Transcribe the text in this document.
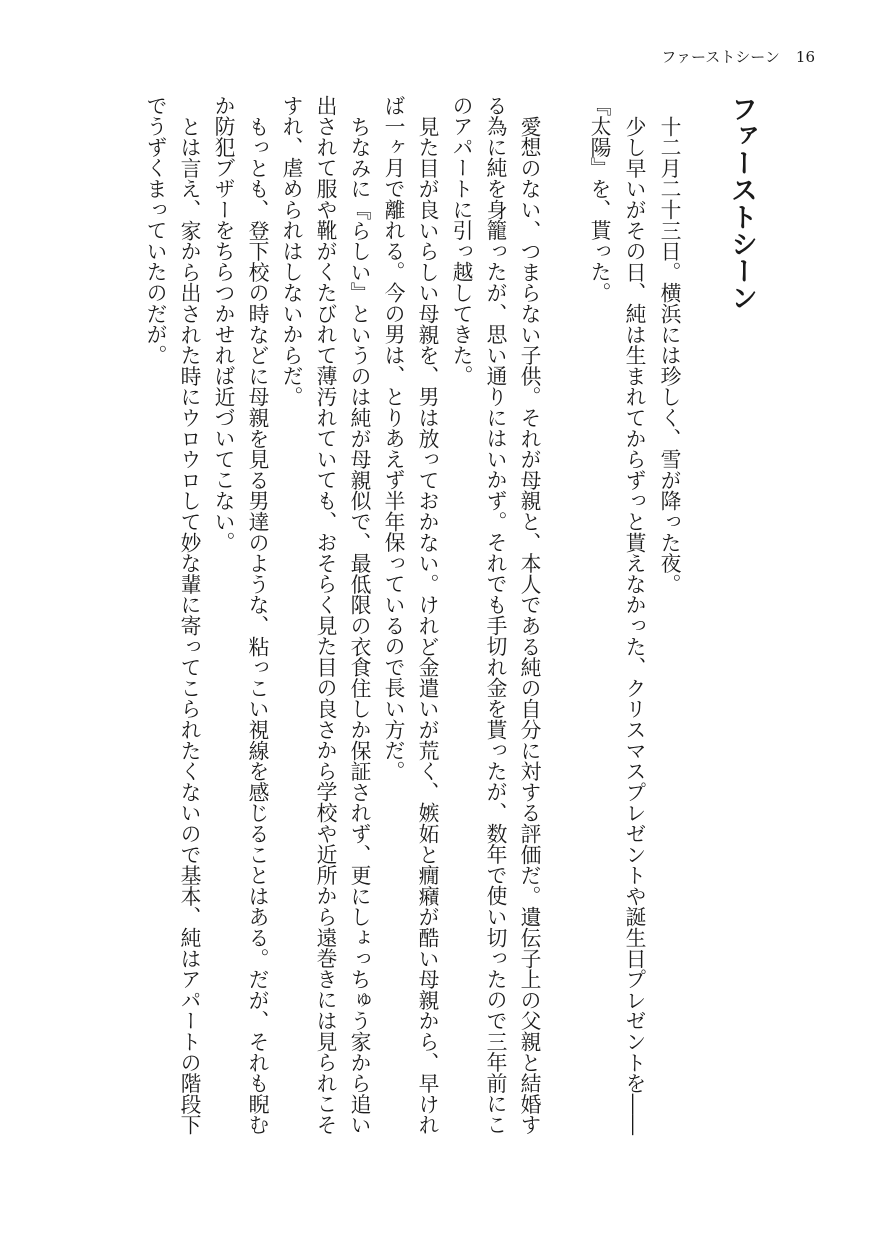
ファーストシーン 16
ファーストシーン
十二月二十三日。横浜には珍しく、雪が降った夜。
少し早いがその日、純は生まれてからずっと貰えなかった、クリスマスプレゼントや誕生日プレゼントを――
『太陽』を、貰った。
愛想のない、つまらない子供。それが母親と、本人である純の自分に対する評価だ。遺伝子上の父親と結婚す
る為に純を身籠ったが、思い通りにはいかず。それでも手切れ金を貰ったが、数年で使い切ったので三年前にこ
のアパートに引っ越してきた。
見た目が良いらしい母親を、男は放っておかない。けれど金遣いが荒く、嫉妬と癇癪が酷い母親から、早けれ
ば一ヶ月で離れる。今の男は、とりあえず半年保っているので長い方だ。
ちなみに『らしい』というのは純が母親似で、最低限の衣食住しか保証されず、更にしょっちゅう家から追い
出されて服や靴がくたびれて薄汚れていても、おそらく見た目の良さから学校や近所から遠巻きには見られこそ
すれ、虐められはしないからだ。
もっとも、登下校の時などに母親を見る男達のような、粘っこい視線を感じることはある。だが、それも睨む
か防犯ブザーをちらつかせれば近づいてこない。
とは言え、家から出された時にウロウロして妙な輩に寄ってこられたくないので基本、純はアパートの階段下
でうずくまっていたのだが。
